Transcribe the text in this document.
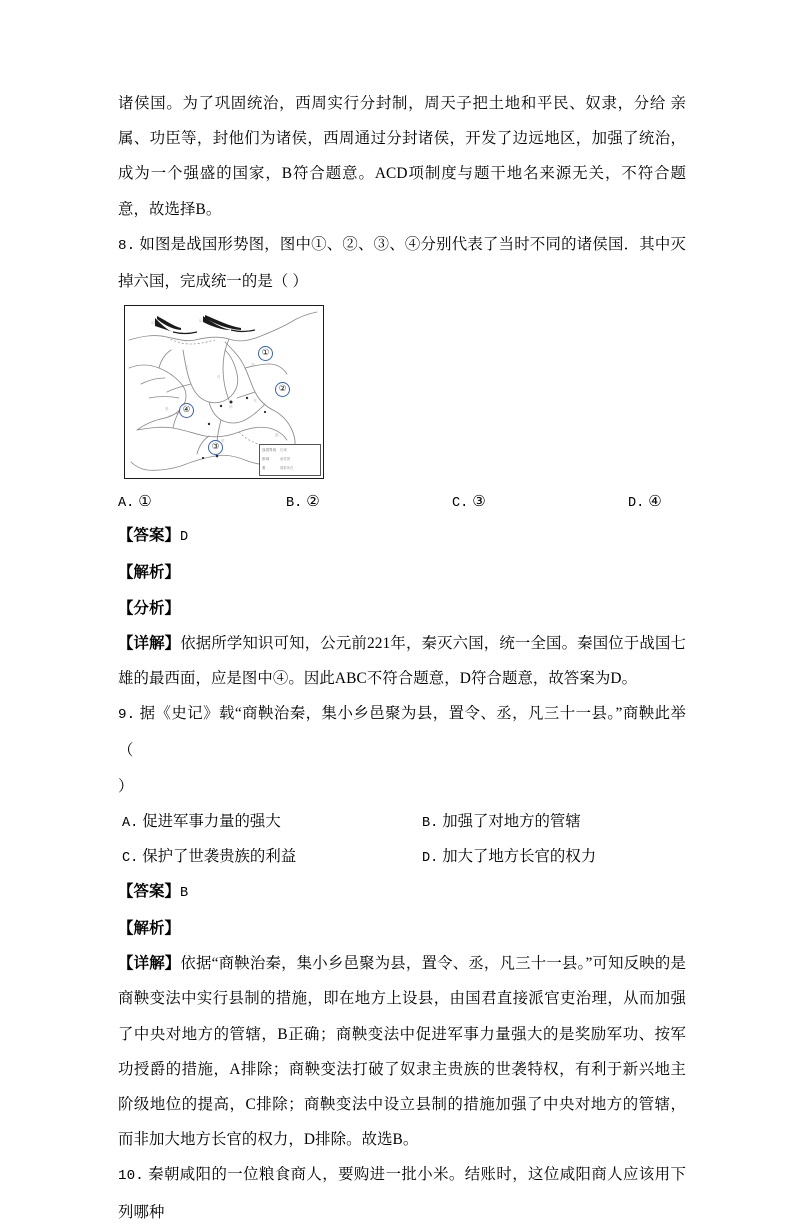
诸侯国。为了巩固统治，西周实行分封制，周天子把土地和平民、奴隶，分给 亲属、功臣等，封他们为诸侯，西周通过分封诸侯，开发了边远地区，加强了统治，成为一个强盛的国家，B符合题意。ACD项制度与题干地名来源无关，不符合题意，故选择B。

8. 如图是战国形势图，图中①、②、③、④分别代表了当时不同的诸侯国．其中灭掉六国，完成统一的是（ ）

赵
晋
燕
韩
齐
秦
楚
越
胡	匈
①
②
③
④
战国界线	长城
都城	诸侯国
秦	国都所在
A. ①	B. ②	C. ③	D. ④

【答案】D

【解析】

【分析】

【详解】依据所学知识可知，公元前221年，秦灭六国，统一全国。秦国位于战国七雄的最西面，应是图中④。因此ABC不符合题意，D符合题意，故答案为D。

9. 据《史记》载“商鞅治秦，集小乡邑聚为县，置令、丞，凡三十一县。”商鞅此举（

）

A. 促进军事力量的强大	B. 加强了对地方的管辖
C. 保护了世袭贵族的利益	D. 加大了地方长官的权力

【答案】B

【解析】

【详解】依据“商鞅治秦，集小乡邑聚为县，置令、丞，凡三十一县。”可知反映的是商鞅变法中实行县制的措施，即在地方上设县，由国君直接派官吏治理，从而加强了中央对地方的管辖，B正确；商鞅变法中促进军事力量强大的是奖励军功、按军功授爵的措施，A排除；商鞅变法打破了奴隶主贵族的世袭特权，有利于新兴地主阶级地位的提高，C排除；商鞅变法中设立县制的措施加强了中央对地方的管辖，而非加大地方长官的权力，D排除。故选B。

10. 秦朝咸阳的一位粮食商人，要购进一批小米。结账时，这位咸阳商人应该用下列哪种
